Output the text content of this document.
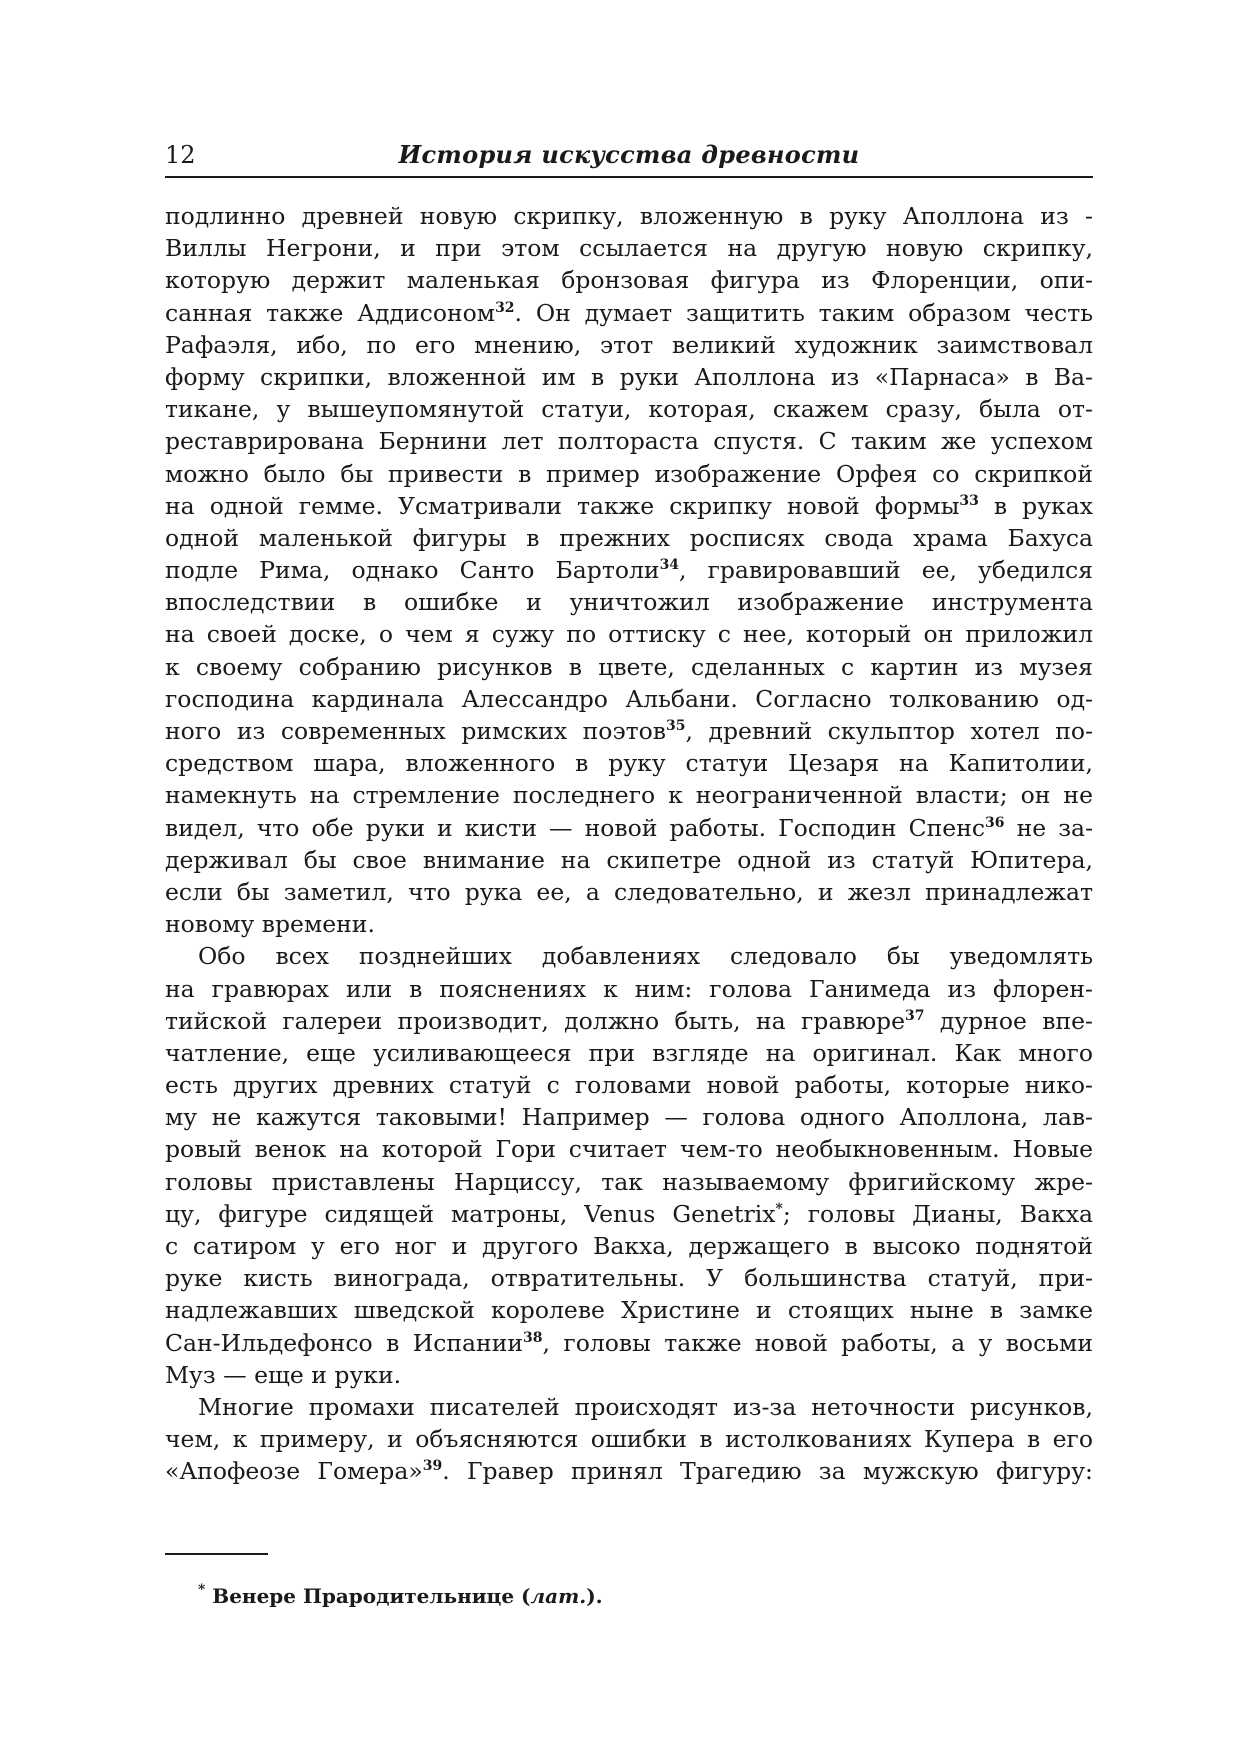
12	История искусства древности
подлинно древней новую скрипку, вложенную в руку Аполлона из -
Виллы Негрони, и при этом ссылается на другую новую скрипку,
которую держит маленькая бронзовая фигура из Флоренции, опи-
санная также Аддисоном$^{32}$. Он думает защитить таким образом честь
Рафаэля, ибо, по его мнению, этот великий художник заимствовал
форму скрипки, вложенной им в руки Аполлона из «Парнаса» в Ва-
тикане, у вышеупомянутой статуи, которая, скажем сразу, была от-
реставрирована Бернини лет полтораста спустя. С таким же успехом
можно было бы привести в пример изображение Орфея со скрипкой
на одной гемме. Усматривали также скрипку новой формы$^{33}$ в руках
одной маленькой фигуры в прежних росписях свода храма Бахуса
подле Рима, однако Санто Бартоли$^{34}$, гравировавший ее, убедился
впоследствии в ошибке и уничтожил изображение инструмента
на своей доске, о чем я сужу по оттиску с нее, который он приложил
к своему собранию рисунков в цвете, сделанных с картин из музея
господина кардинала Алессандро Альбани. Согласно толкованию од-
ного из современных римских поэтов$^{35}$, древний скульптор хотел по-
средством шара, вложенного в руку статуи Цезаря на Капитолии,
намекнуть на стремление последнего к неограниченной власти; он не
видел, что обе руки и кисти — новой работы. Господин Спенс$^{36}$ не за-
держивал бы свое внимание на скипетре одной из статуй Юпитера,
если бы заметил, что рука ее, а следовательно, и жезл принадлежат
новому времени.
Обо всех позднейших добавлениях следовало бы уведомлять
на гравюрах или в пояснениях к ним: голова Ганимеда из флорен-
тийской галереи производит, должно быть, на гравюре$^{37}$ дурное впе-
чатление, еще усиливающееся при взгляде на оригинал. Как много
есть других древних статуй с головами новой работы, которые нико-
му не кажутся таковыми! Например — голова одного Аполлона, лав-
ровый венок на которой Гори считает чем-то необыкновенным. Новые
головы приставлены Нарциссу, так называемому фригийскому жре-
цу, фигуре сидящей матроны, Venus Genetrix*; головы Дианы, Вакха
с сатиром у его ног и другого Вакха, держащего в высоко поднятой
руке кисть винограда, отвратительны. У большинства статуй, при-
надлежавших шведской королеве Христине и стоящих ныне в замке
Сан-Ильдефонсо в Испании$^{38}$, головы также новой работы, а у восьми
Муз — еще и руки.
Многие промахи писателей происходят из-за неточности рисунков,
чем, к примеру, и объясняются ошибки в истолкованиях Купера в его
«Апофеозе Гомера»$^{39}$. Гравер принял Трагедию за мужскую фигуру:
* Венере Прародительнице (лат.).
